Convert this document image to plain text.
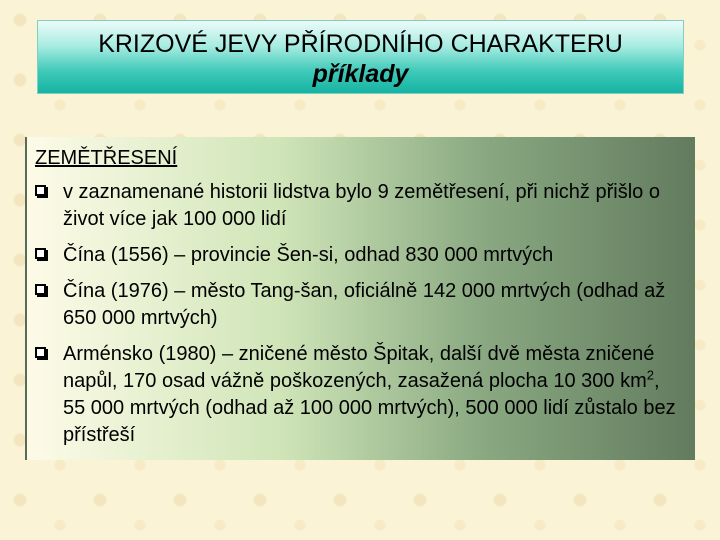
KRIZOVÉ JEVY PŘÍRODNÍHO CHARAKTERU
příklady
ZEMĚTŘESENÍ
v zaznamenané historii lidstva bylo 9 zemětřesení, při nichž přišlo o život více jak 100 000 lidí
Čína (1556) – provincie Šen-si, odhad 830 000 mrtvých
Čína (1976) – město Tang-šan, oficiálně 142 000 mrtvých (odhad až 650 000 mrtvých)
Arménsko (1980) – zničené město Špitak, další dvě města zničené napůl, 170 osad vážně poškozených, zasažená plocha 10 300 $km^2$, 55 000 mrtvých (odhad až 100 000 mrtvých), 500 000 lidí zůstalo bez přístřeší
